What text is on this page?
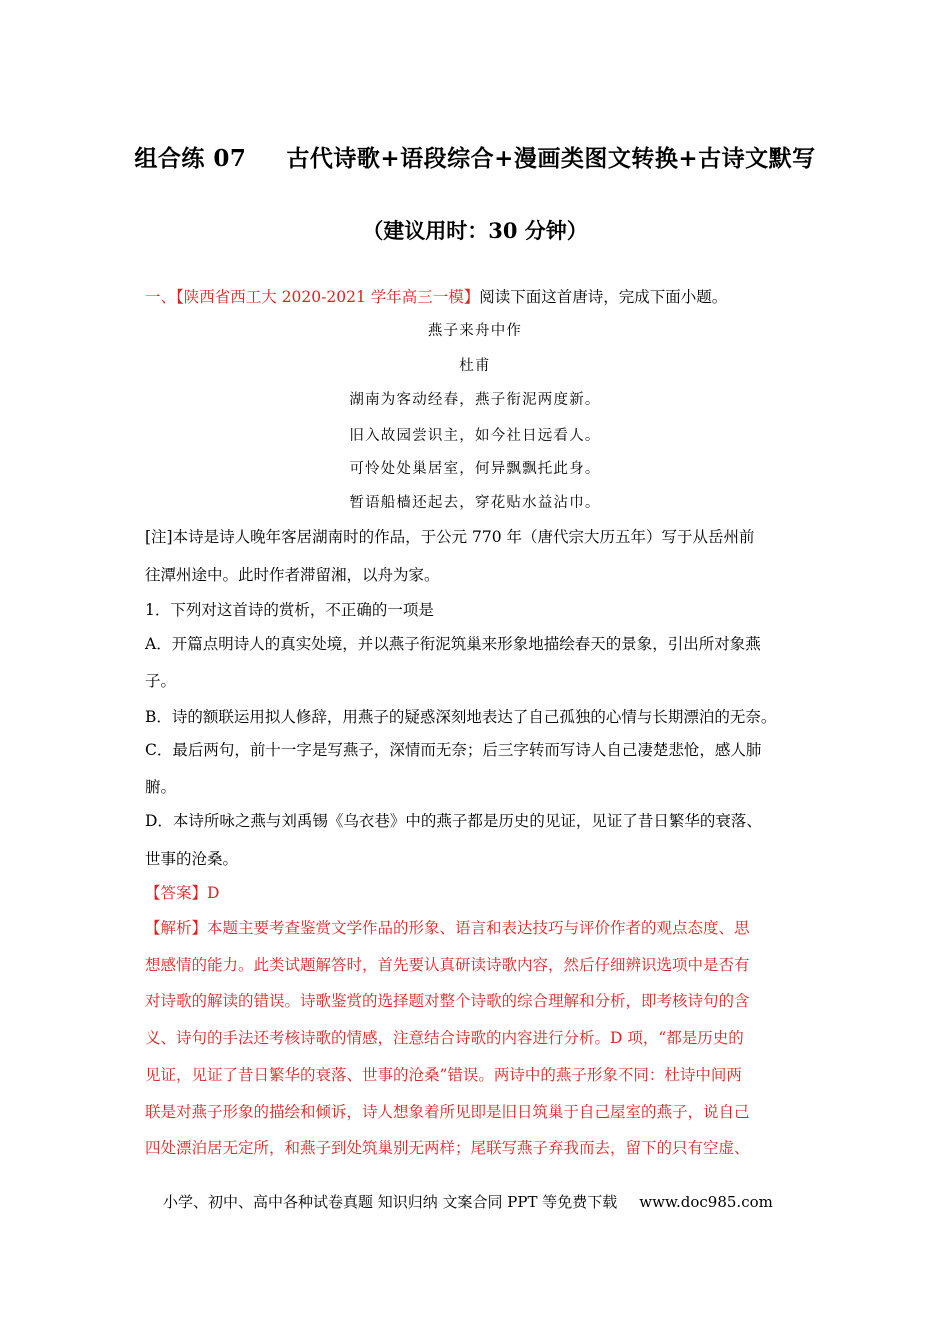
组合练 07 古代诗歌+语段综合+漫画类图文转换+古诗文默写
（建议用时：30 分钟）
一、【陕西省西工大 2020-2021 学年高三一模】阅读下面这首唐诗，完成下面小题。
燕子来舟中作
杜甫
湖南为客动经春，燕子衔泥两度新。
旧入故园尝识主，如今社日远看人。
可怜处处巢居室，何异飘飘托此身。
暂语船樯还起去，穿花贴水益沾巾。
[注]本诗是诗人晚年客居湖南时的作品，于公元 770 年（唐代宗大历五年）写于从岳州前
往潭州途中。此时作者滞留湘，以舟为家。
1．下列对这首诗的赏析，不正确的一项是
A．开篇点明诗人的真实处境，并以燕子衔泥筑巢来形象地描绘春天的景象，引出所对象燕
子。
B．诗的额联运用拟人修辞，用燕子的疑惑深刻地表达了自己孤独的心情与长期漂泊的无奈。
C．最后两句，前十一字是写燕子，深情而无奈；后三字转而写诗人自己凄楚悲怆，感人肺
腑。
D．本诗所咏之燕与刘禹锡《乌衣巷》中的燕子都是历史的见证，见证了昔日繁华的衰落、
世事的沧桑。
【答案】D
【解析】本题主要考查鉴赏文学作品的形象、语言和表达技巧与评价作者的观点态度、思
想感情的能力。此类试题解答时，首先要认真研读诗歌内容，然后仔细辨识选项中是否有
对诗歌的解读的错误。诗歌鉴赏的选择题对整个诗歌的综合理解和分析，即考核诗句的含
义、诗句的手法还考核诗歌的情感，注意结合诗歌的内容进行分析。D 项，“都是历史的
见证，见证了昔日繁华的衰落、世事的沧桑”错误。两诗中的燕子形象不同：杜诗中间两
联是对燕子形象的描绘和倾诉，诗人想象着所见即是旧日筑巢于自己屋室的燕子，说自己
四处漂泊居无定所，和燕子到处筑巢别无两样；尾联写燕子弃我而去，留下的只有空虚、
小学、初中、高中各种试卷真题 知识归纳 文案合同 PPT 等免费下载 www.doc985.com
